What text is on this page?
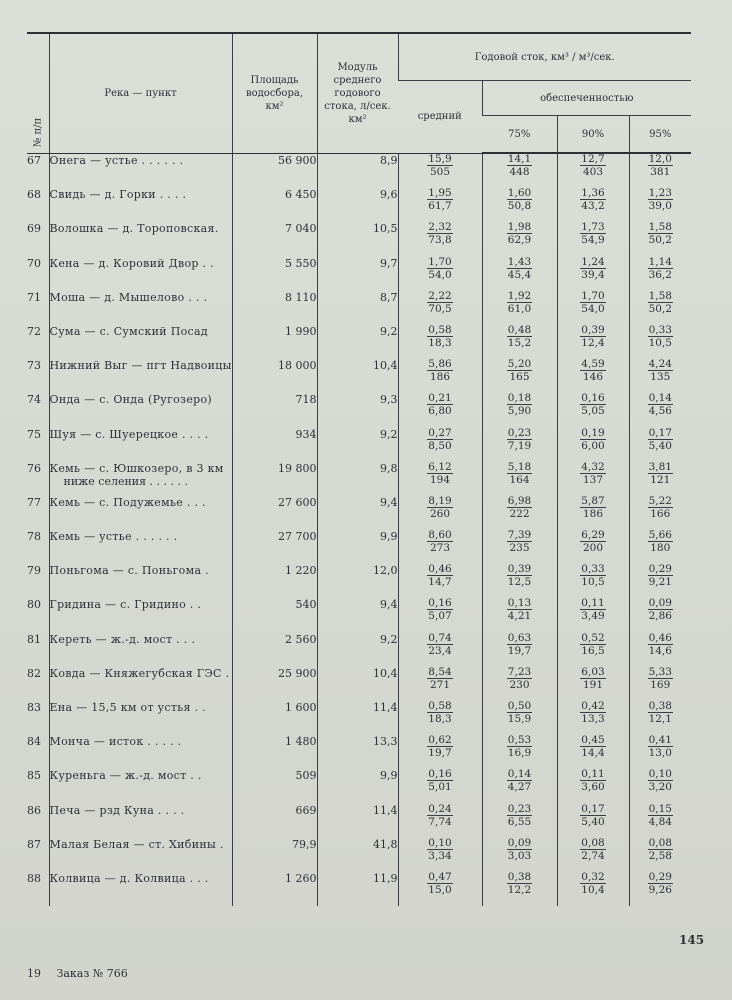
№ п/п	Река — пункт	Площадь водосбора, км²	Модуль среднего годового стока, л/сек. км²	Годовой сток, км³ / м³/сек.			
				средний	обеспеченностью		
					75%	90%	95%

67	Онега — устье . . . . . .	56 900	8,9	$\frac{15,9}{505}$	$\frac{14,1}{448}$	$\frac{12,7}{403}$	$\frac{12,0}{381}$

68	Свидь — д. Горки . . . .	6 450	9,6	$\frac{1,95}{61,7}$	$\frac{1,60}{50,8}$	$\frac{1,36}{43,2}$	$\frac{1,23}{39,0}$

69	Волошка — д. Тороповская.	7 040	10,5	$\frac{2,32}{73,8}$	$\frac{1,98}{62,9}$	$\frac{1,73}{54,9}$	$\frac{1,58}{50,2}$

70	Кена — д. Коровий Двор . .	5 550	9,7	$\frac{1,70}{54,0}$	$\frac{1,43}{45,4}$	$\frac{1,24}{39,4}$	$\frac{1,14}{36,2}$

71	Моша — д. Мышелово . . .	8 110	8,7	$\frac{2,22}{70,5}$	$\frac{1,92}{61,0}$	$\frac{1,70}{54,0}$	$\frac{1,58}{50,2}$

72	Сума — с. Сумский Посад	1 990	9,2	$\frac{0,58}{18,3}$	$\frac{0,48}{15,2}$	$\frac{0,39}{12,4}$	$\frac{0,33}{10,5}$

73	Нижний Выг — пгт Надвоицы	18 000	10,4	$\frac{5,86}{186}$	$\frac{5,20}{165}$	$\frac{4,59}{146}$	$\frac{4,24}{135}$

74	Онда — с. Онда (Ругозеро)	718	9,3	$\frac{0,21}{6,80}$	$\frac{0,18}{5,90}$	$\frac{0,16}{5,05}$	$\frac{0,14}{4,56}$

75	Шуя — с. Шуерецкое . . . .	934	9,2	$\frac{0,27}{8,50}$	$\frac{0,23}{7,19}$	$\frac{0,19}{6,00}$	$\frac{0,17}{5,40}$

76	Кемь — с. Юшкозеро, в 3 км
ниже селения . . . . . .	19 800	9,8	$\frac{6,12}{194}$	$\frac{5,18}{164}$	$\frac{4,32}{137}$	$\frac{3,81}{121}$

77	Кемь — с. Подужемье . . .	27 600	9,4	$\frac{8,19}{260}$	$\frac{6,98}{222}$	$\frac{5,87}{186}$	$\frac{5,22}{166}$

78	Кемь — устье . . . . . .	27 700	9,9	$\frac{8,60}{273}$	$\frac{7,39}{235}$	$\frac{6,29}{200}$	$\frac{5,66}{180}$

79	Поньгома — с. Поньгома .	1 220	12,0	$\frac{0,46}{14,7}$	$\frac{0,39}{12,5}$	$\frac{0,33}{10,5}$	$\frac{0,29}{9,21}$

80	Гридина — с. Гридино . .	540	9,4	$\frac{0,16}{5,07}$	$\frac{0,13}{4,21}$	$\frac{0,11}{3,49}$	$\frac{0,09}{2,86}$

81	Кереть — ж.-д. мост . . .	2 560	9,2	$\frac{0,74}{23,4}$	$\frac{0,63}{19,7}$	$\frac{0,52}{16,5}$	$\frac{0,46}{14,6}$

82	Ковда — Княжегубская ГЭС .	25 900	10,4	$\frac{8,54}{271}$	$\frac{7,23}{230}$	$\frac{6,03}{191}$	$\frac{5,33}{169}$

83	Ена — 15,5 км от устья . .	1 600	11,4	$\frac{0,58}{18,3}$	$\frac{0,50}{15,9}$	$\frac{0,42}{13,3}$	$\frac{0,38}{12,1}$

84	Монча — исток . . . . .	1 480	13,3	$\frac{0,62}{19,7}$	$\frac{0,53}{16,9}$	$\frac{0,45}{14,4}$	$\frac{0,41}{13,0}$

85	Куреньга — ж.-д. мост . .	509	9,9	$\frac{0,16}{5,01}$	$\frac{0,14}{4,27}$	$\frac{0,11}{3,60}$	$\frac{0,10}{3,20}$

86	Печа — рзд Куна . . . .	669	11,4	$\frac{0,24}{7,74}$	$\frac{0,23}{6,55}$	$\frac{0,17}{5,40}$	$\frac{0,15}{4,84}$

87	Малая Белая — ст. Хибины .	79,9	41,8	$\frac{0,10}{3,34}$	$\frac{0,09}{3,03}$	$\frac{0,08}{2,74}$	$\frac{0,08}{2,58}$

88	Колвица — д. Колвица . . .	1 260	11,9	$\frac{0,47}{15,0}$	$\frac{0,38}{12,2}$	$\frac{0,32}{10,4}$	$\frac{0,29}{9,26}$
145
19 Заказ № 766
